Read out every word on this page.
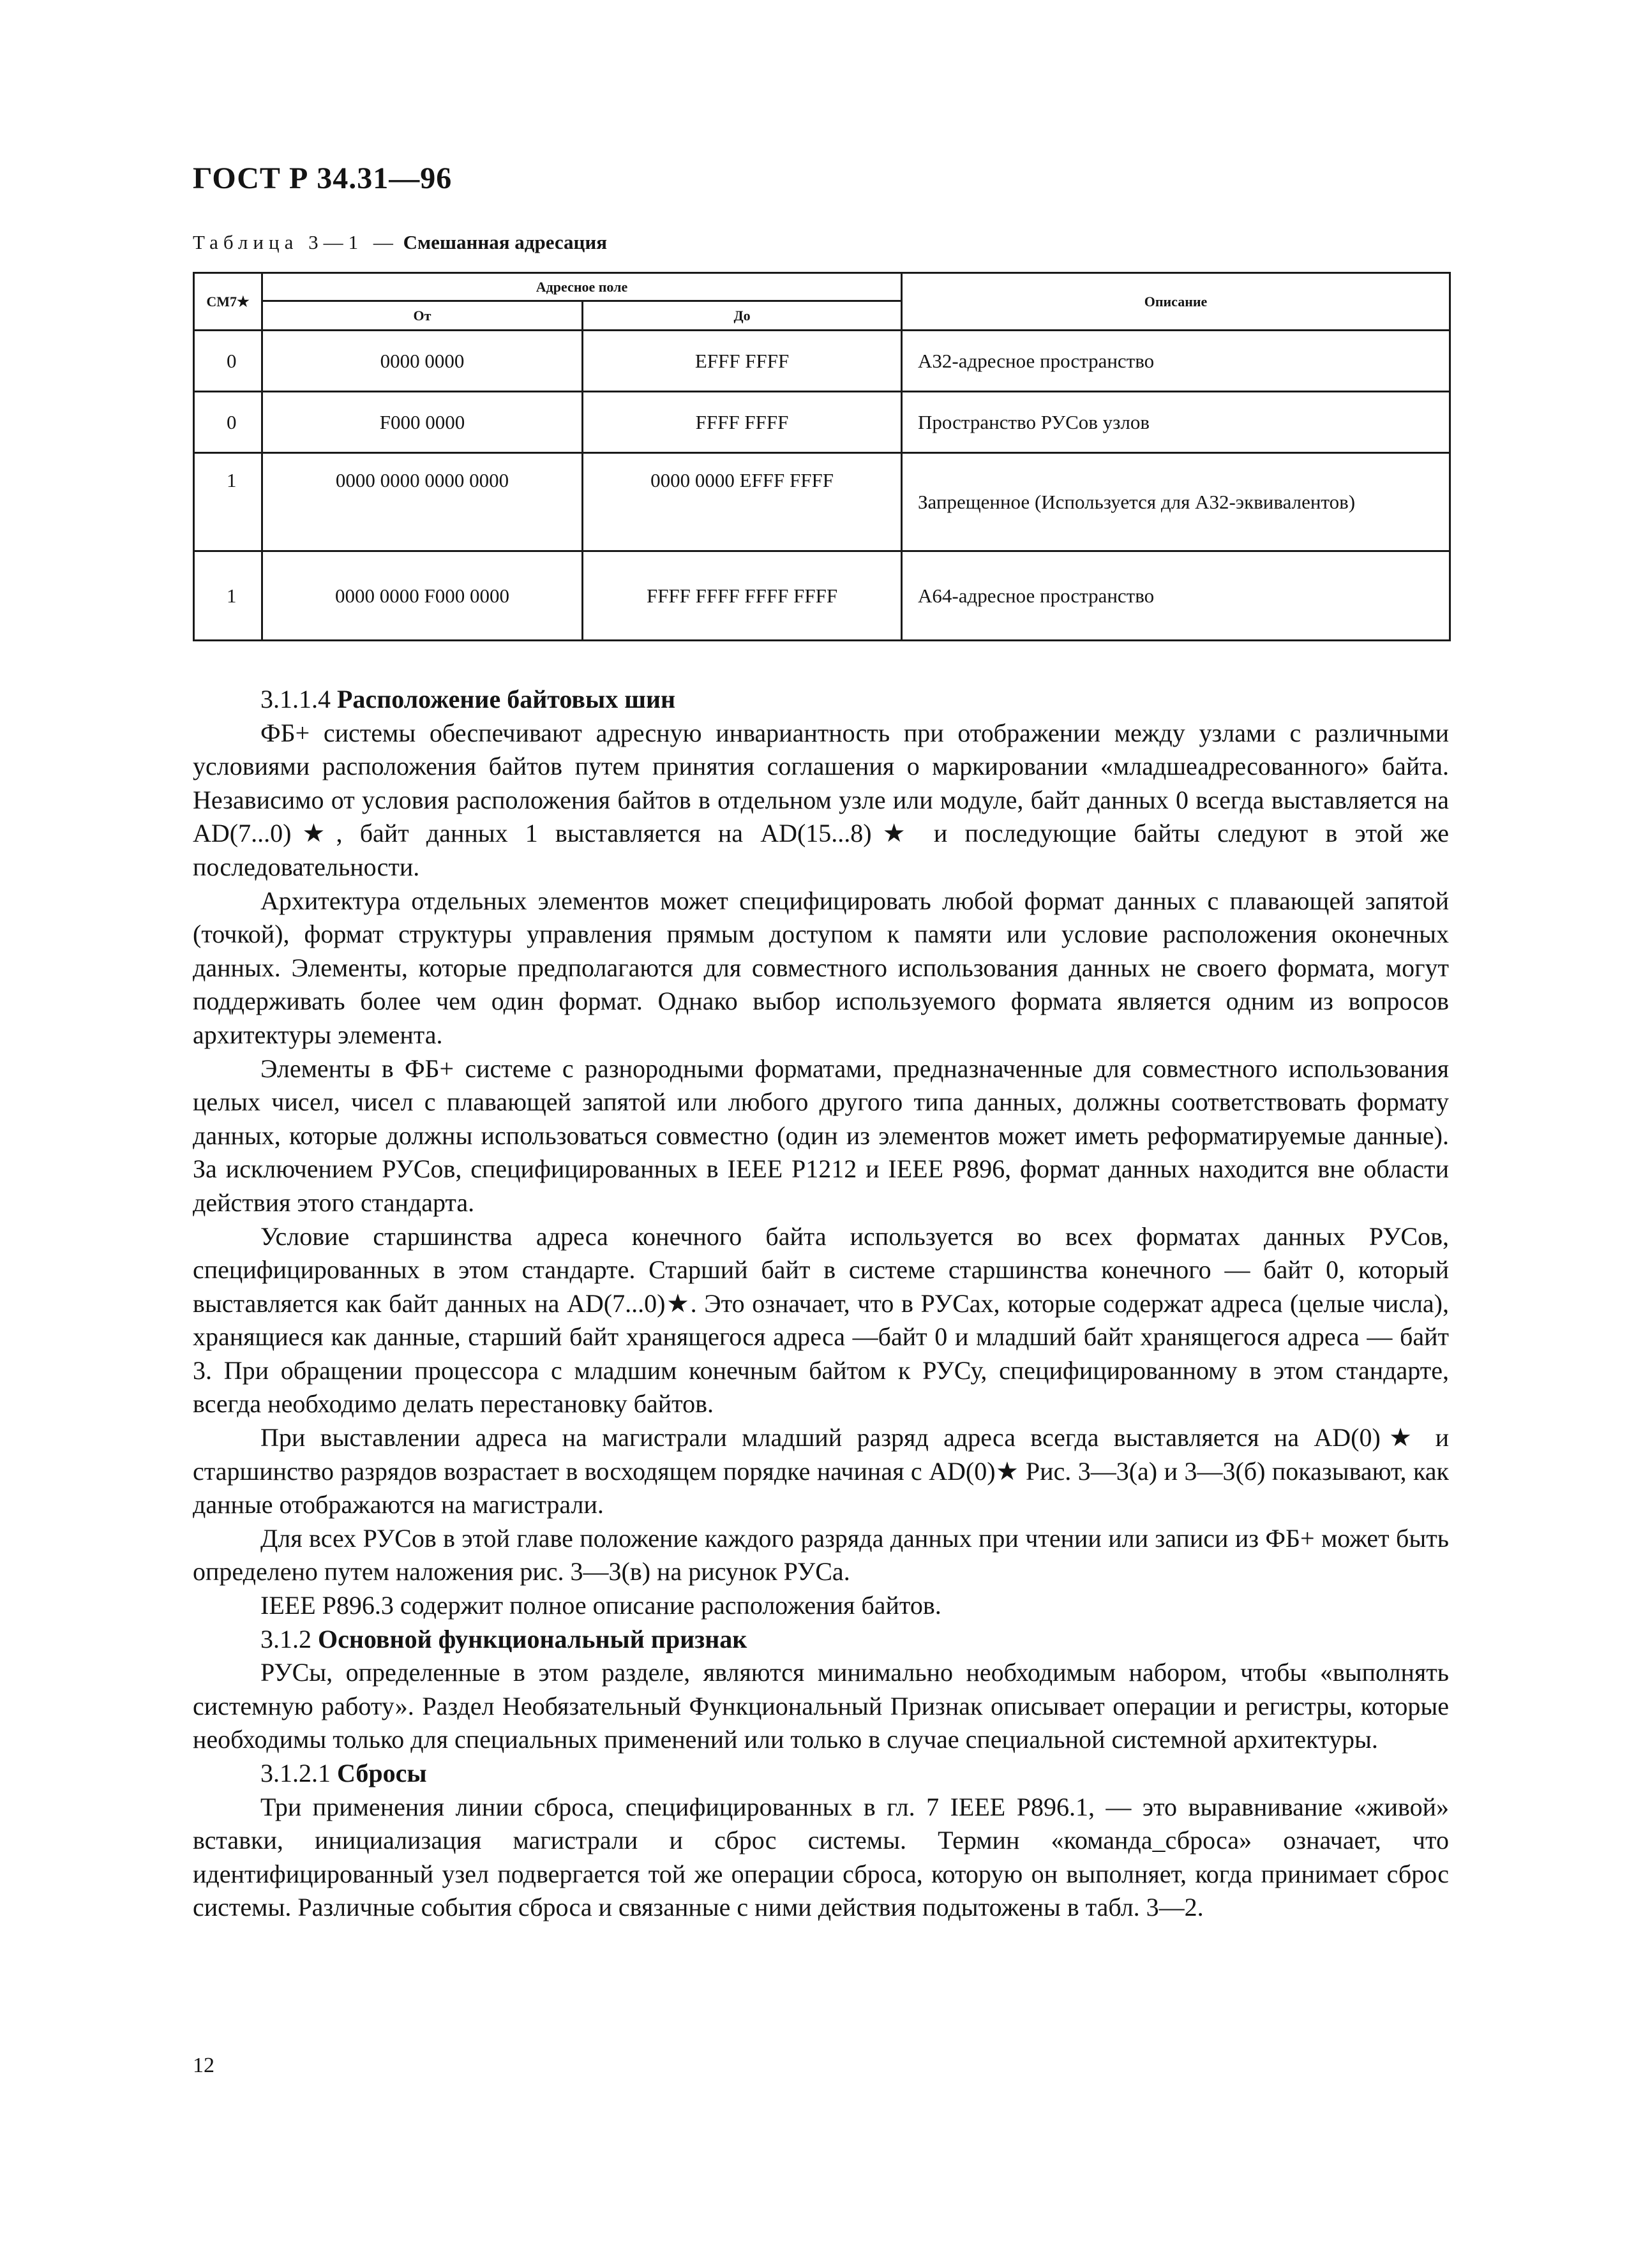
ГОСТ Р 34.31—96
Таблица 3—1 — Смешанная адресация
CM7★	Адресное поле		Описание
	От	До	
0	0000 0000	EFFF FFFF	A32-адресное пространство
0	F000 0000	FFFF FFFF	Пространство РУСов узлов
1	0000 0000 0000 0000	0000 0000 EFFF FFFF	Запрещенное (Используется для A32-эквивалентов)
1	0000 0000 F000 0000	FFFF FFFF FFFF FFFF	A64-адресное пространство

3.1.1.4 Расположение байтовых шин

ФБ+ системы обеспечивают адресную инвариантность при отображении между узлами с различными условиями расположения байтов путем принятия соглашения о маркировании «младшеадресованного» байта. Независимо от условия расположения байтов в отдельном узле или модуле, байт данных 0 всегда выставляется на AD(7...0)★, байт данных 1 выставляется на AD(15...8)★ и последующие байты следуют в этой же последовательности.

Архитектура отдельных элементов может специфицировать любой формат данных с плавающей запятой (точкой), формат структуры управления прямым доступом к памяти или условие расположения оконечных данных. Элементы, которые предполагаются для совместного использования данных не своего формата, могут поддерживать более чем один формат. Однако выбор используемого формата является одним из вопросов архитектуры элемента.

Элементы в ФБ+ системе с разнородными форматами, предназначенные для совместного использования целых чисел, чисел с плавающей запятой или любого другого типа данных, должны соответствовать формату данных, которые должны использоваться совместно (один из элементов может иметь реформатируемые данные). За исключением РУСов, специфицированных в IEEE P1212 и IEEE P896, формат данных находится вне области действия этого стандарта.

Условие старшинства адреса конечного байта используется во всех форматах данных РУСов, специфицированных в этом стандарте. Старший байт в системе старшинства конечного — байт 0, который выставляется как байт данных на AD(7...0)★. Это означает, что в РУСах, которые содержат адреса (целые числа), хранящиеся как данные, старший байт хранящегося адреса —байт 0 и младший байт хранящегося адреса — байт 3. При обращении процессора с младшим конечным байтом к РУСу, специфицированному в этом стандарте, всегда необходимо делать перестановку байтов.

При выставлении адреса на магистрали младший разряд адреса всегда выставляется на AD(0)★ и старшинство разрядов возрастает в восходящем порядке начиная с AD(0)★ Рис. 3—3(а) и 3—3(б) показывают, как данные отображаются на магистрали.

Для всех РУСов в этой главе положение каждого разряда данных при чтении или записи из ФБ+ может быть определено путем наложения рис. 3—3(в) на рисунок РУСа.

IEEE P896.3 содержит полное описание расположения байтов.

3.1.2 Основной функциональный признак

РУСы, определенные в этом разделе, являются минимально необходимым набором, чтобы «выполнять системную работу». Раздел Необязательный Функциональный Признак описывает операции и регистры, которые необходимы только для специальных применений или только в случае специальной системной архитектуры.

3.1.2.1 Сбросы

Три применения линии сброса, специфицированных в гл. 7 IEEE P896.1, — это выравнивание «живой» вставки, инициализация магистрали и сброс системы. Термин «команда_сброса» означает, что идентифицированный узел подвергается той же операции сброса, которую он выполняет, когда принимает сброс системы. Различные события сброса и связанные с ними действия подытожены в табл. 3—2.

12
